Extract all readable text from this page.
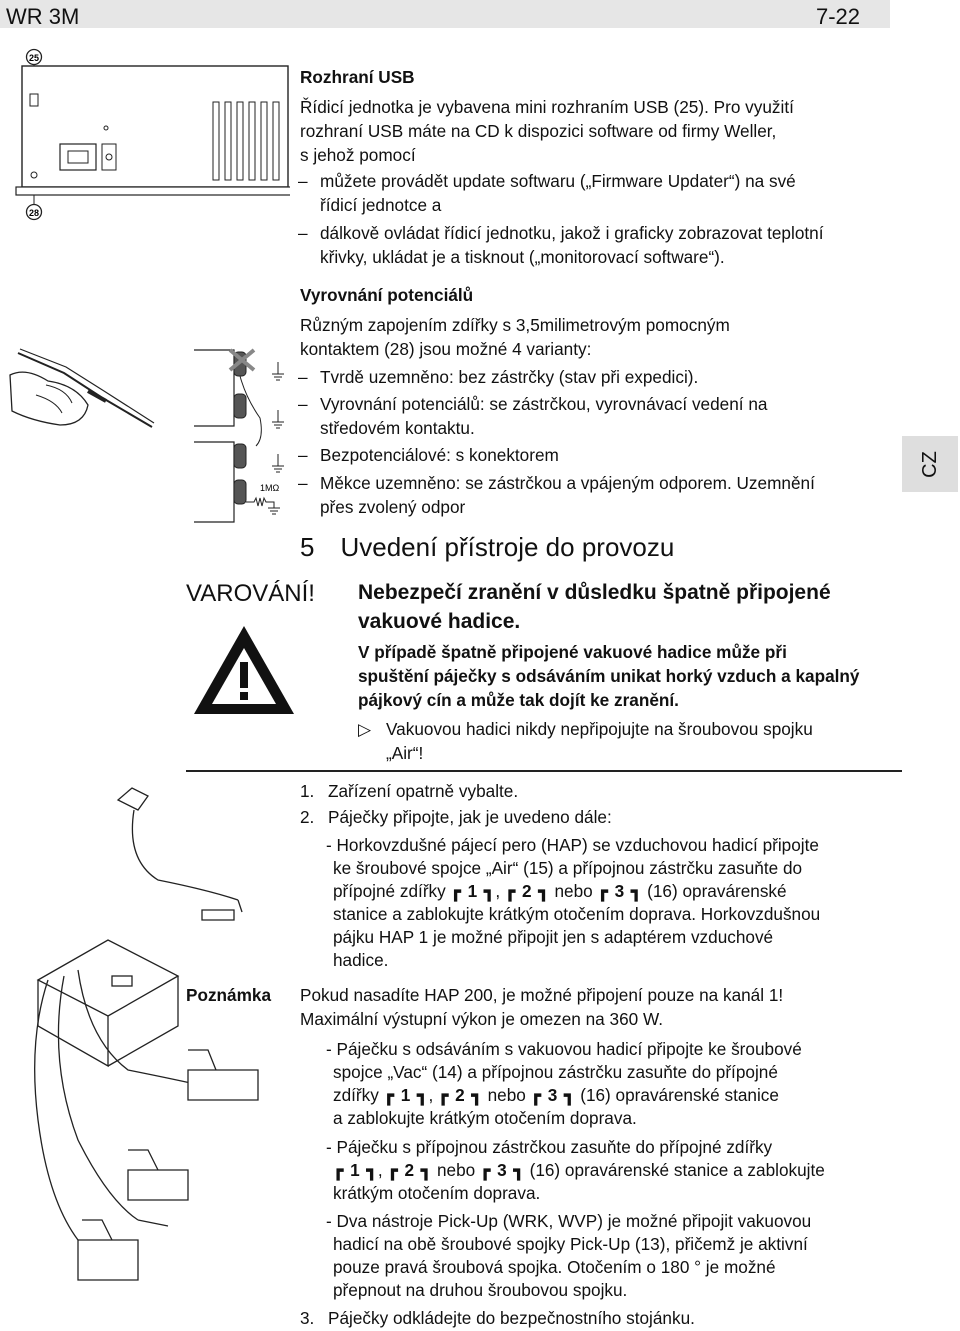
WR 3M	7-22
CZ
25
28
1MΩ
Rozhraní USB
Řídicí jednotka je vybavena mini rozhraním USB (25). Pro využití
rozhraní USB máte na CD k dispozici software od firmy Weller,
s jehož pomocí
– můžete provádět update softwaru („Firmware Updater“) na své
řídicí jednotce a
– dálkově ovládat řídicí jednotku, jakož i graficky zobrazovat teplotní
křivky, ukládat je a tisknout („monitorovací software“).
Vyrovnání potenciálů
Různým zapojením zdířky s 3,5milimetrovým pomocným
kontaktem (28) jsou možné 4 varianty:
– Tvrdě uzemněno: bez zástrčky (stav při expedici).
– Vyrovnání potenciálů: se zástrčkou, vyrovnávací vedení na
středovém kontaktu.
– Bezpotenciálové: s konektorem
– Měkce uzemněno: se zástrčkou a vpájeným odporem. Uzemnění
přes zvolený odpor
5 Uvedení přístroje do provozu
VAROVÁNÍ! Nebezpečí zranění v důsledku špatně připojené
vakuové hadice.
V případě špatně připojené vakuové hadice může při
spuštění páječky s odsáváním unikat horký vzduch a kapalný
pájkový cín a může tak dojít ke zranění.
▷ Vakuovou hadici nikdy nepřipojujte na šroubovou spojku
„Air“!
1. Zařízení opatrně vybalte.
2. Páječky připojte, jak je uvedeno dále:
- Horkovzdušné pájecí pero (HAP) se vzduchovou hadicí připojte
ke šroubové spojce „Air“ (15) a přípojnou zástrčku zasuňte do
přípojné zdířky ┏ 1 ┓, ┏ 2 ┓ nebo ┏ 3 ┓ (16) opravárenské
stanice a zablokujte krátkým otočením doprava. Horkovzdušnou
pájku HAP 1 je možné připojit jen s adaptérem vzduchové
hadice.
Poznámka Pokud nasadíte HAP 200, je možné připojení pouze na kanál 1!
Maximální výstupní výkon je omezen na 360 W.
- Páječku s odsáváním s vakuovou hadicí připojte ke šroubové
spojce „Vac“ (14) a přípojnou zástrčku zasuňte do přípojné
zdířky ┏ 1 ┓, ┏ 2 ┓ nebo ┏ 3 ┓ (16) opravárenské stanice
a zablokujte krátkým otočením doprava.
- Páječku s přípojnou zástrčkou zasuňte do přípojné zdířky
┏ 1 ┓, ┏ 2 ┓ nebo ┏ 3 ┓ (16) opravárenské stanice a zablokujte
krátkým otočením doprava.
- Dva nástroje Pick-Up (WRK, WVP) je možné připojit vakuovou
hadicí na obě šroubové spojky Pick-Up (13), přičemž je aktivní
pouze pravá šroubová spojka. Otočením o 180 ° je možné
přepnout na druhou šroubovou spojku.
3. Páječky odkládejte do bezpečnostního stojánku.
